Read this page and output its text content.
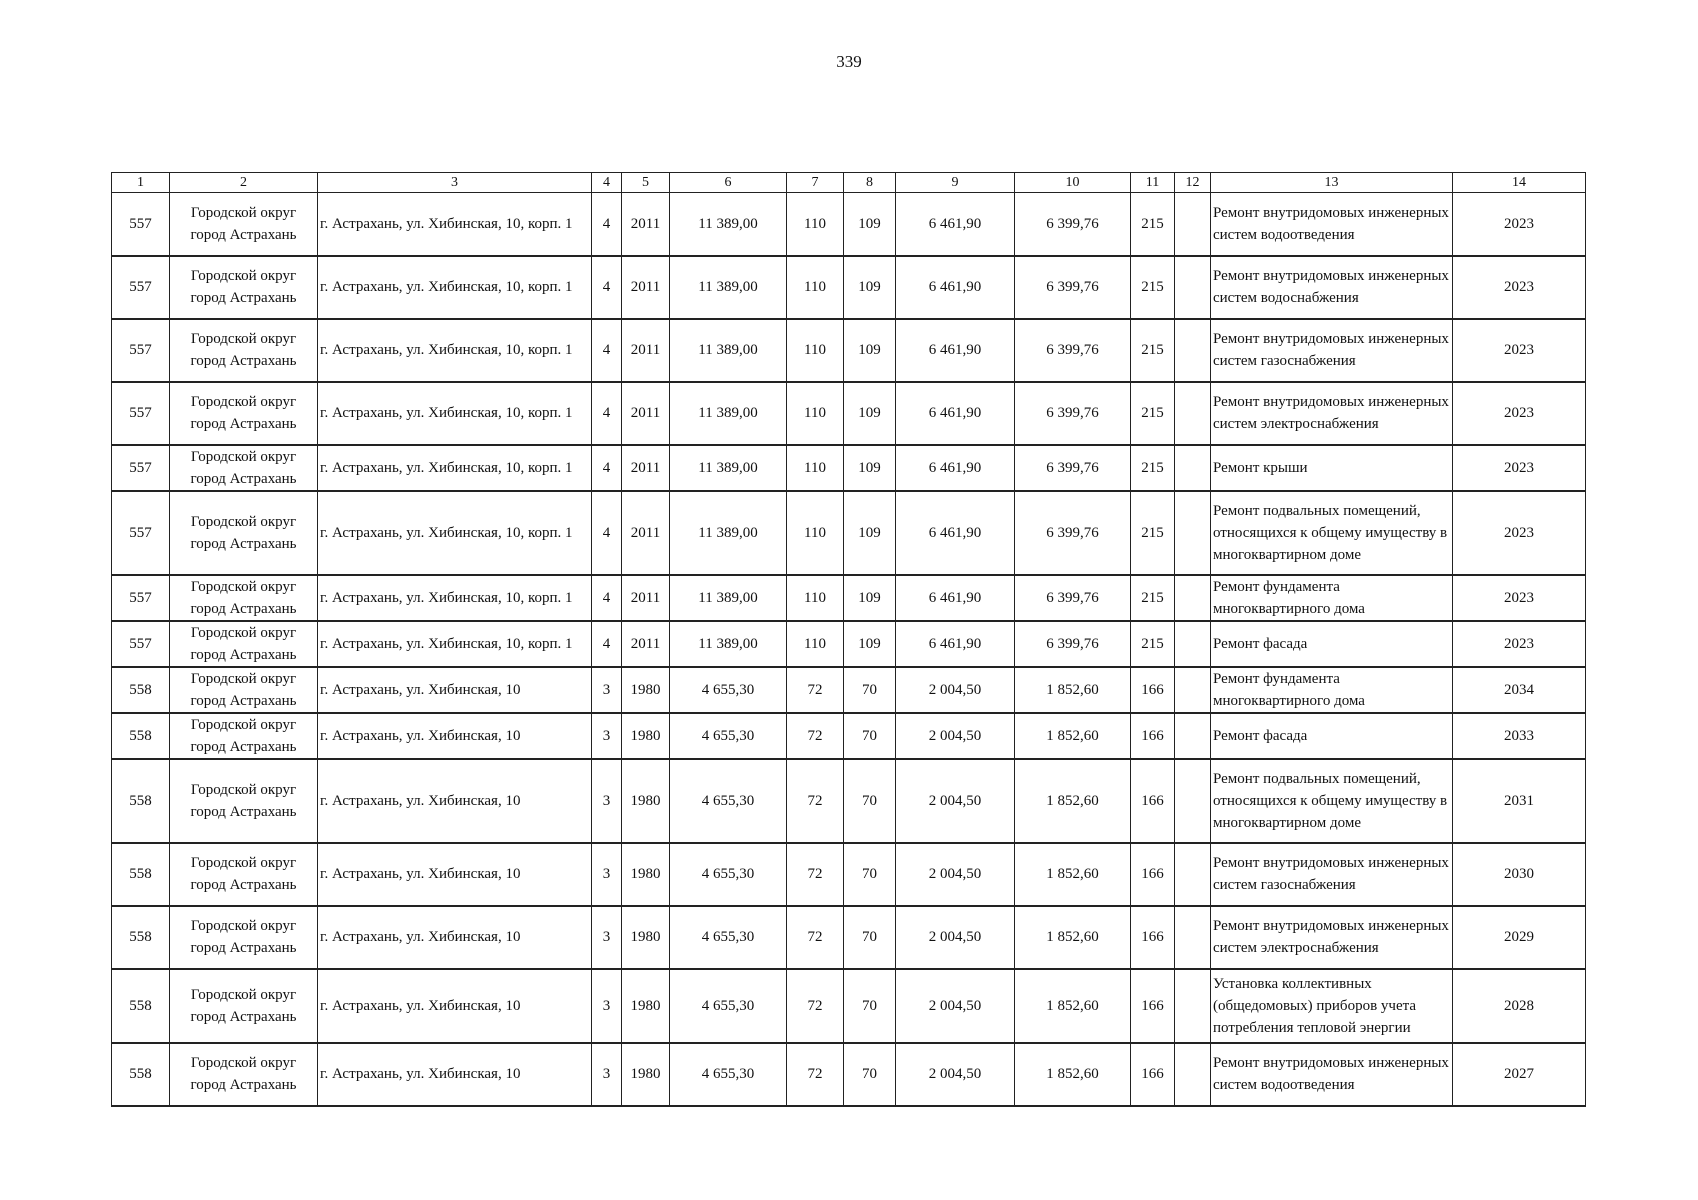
339
1	2	3	4	5	6	7	8	9	10	11	12	13	14
557	Городской округ город Астрахань	г. Астрахань, ул. Хибинская, 10, корп. 1	4	2011	11 389,00	110	109	6 461,90	6 399,76	215		Ремонт внутридомовых инженерных систем водоотведения	2023
557	Городской округ город Астрахань	г. Астрахань, ул. Хибинская, 10, корп. 1	4	2011	11 389,00	110	109	6 461,90	6 399,76	215		Ремонт внутридомовых инженерных систем водоснабжения	2023
557	Городской округ город Астрахань	г. Астрахань, ул. Хибинская, 10, корп. 1	4	2011	11 389,00	110	109	6 461,90	6 399,76	215		Ремонт внутридомовых инженерных систем газоснабжения	2023
557	Городской округ город Астрахань	г. Астрахань, ул. Хибинская, 10, корп. 1	4	2011	11 389,00	110	109	6 461,90	6 399,76	215		Ремонт внутридомовых инженерных систем электроснабжения	2023
557	Городской округ город Астрахань	г. Астрахань, ул. Хибинская, 10, корп. 1	4	2011	11 389,00	110	109	6 461,90	6 399,76	215		Ремонт крыши	2023
557	Городской округ город Астрахань	г. Астрахань, ул. Хибинская, 10, корп. 1	4	2011	11 389,00	110	109	6 461,90	6 399,76	215		Ремонт подвальных помещений, относящихся к общему имуществу в многоквартирном доме	2023
557	Городской округ город Астрахань	г. Астрахань, ул. Хибинская, 10, корп. 1	4	2011	11 389,00	110	109	6 461,90	6 399,76	215		Ремонт фундамента многоквартирного дома	2023
557	Городской округ город Астрахань	г. Астрахань, ул. Хибинская, 10, корп. 1	4	2011	11 389,00	110	109	6 461,90	6 399,76	215		Ремонт фасада	2023
558	Городской округ город Астрахань	г. Астрахань, ул. Хибинская, 10	3	1980	4 655,30	72	70	2 004,50	1 852,60	166		Ремонт фундамента многоквартирного дома	2034
558	Городской округ город Астрахань	г. Астрахань, ул. Хибинская, 10	3	1980	4 655,30	72	70	2 004,50	1 852,60	166		Ремонт фасада	2033
558	Городской округ город Астрахань	г. Астрахань, ул. Хибинская, 10	3	1980	4 655,30	72	70	2 004,50	1 852,60	166		Ремонт подвальных помещений, относящихся к общему имуществу в многоквартирном доме	2031
558	Городской округ город Астрахань	г. Астрахань, ул. Хибинская, 10	3	1980	4 655,30	72	70	2 004,50	1 852,60	166		Ремонт внутридомовых инженерных систем газоснабжения	2030
558	Городской округ город Астрахань	г. Астрахань, ул. Хибинская, 10	3	1980	4 655,30	72	70	2 004,50	1 852,60	166		Ремонт внутридомовых инженерных систем электроснабжения	2029
558	Городской округ город Астрахань	г. Астрахань, ул. Хибинская, 10	3	1980	4 655,30	72	70	2 004,50	1 852,60	166		Установка коллективных (общедомовых) приборов учета потребления тепловой энергии	2028
558	Городской округ город Астрахань	г. Астрахань, ул. Хибинская, 10	3	1980	4 655,30	72	70	2 004,50	1 852,60	166		Ремонт внутридомовых инженерных систем водоотведения	2027
